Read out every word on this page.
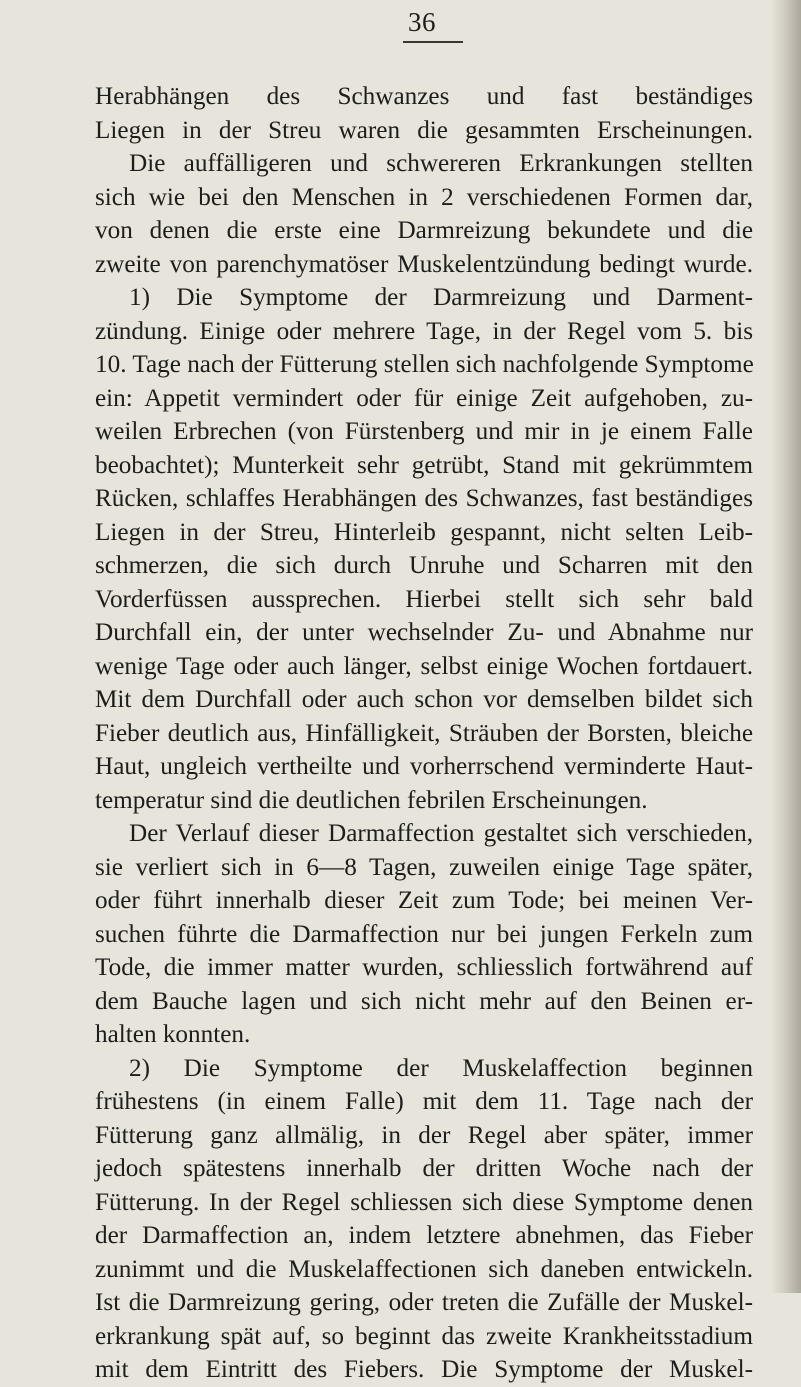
36
Herabhängen des Schwanzes und fast beständiges
Liegen in der Streu waren die gesammten Erscheinungen.
Die auffälligeren und schwereren Erkrankungen stellten
sich wie bei den Menschen in 2 verschiedenen Formen dar,
von denen die erste eine Darmreizung bekundete und die
zweite von parenchymatöser Muskelentzündung bedingt wurde.
1) Die Symptome der Darmreizung und Darment-
zündung. Einige oder mehrere Tage, in der Regel vom 5. bis
10. Tage nach der Fütterung stellen sich nachfolgende Symptome
ein: Appetit vermindert oder für einige Zeit aufgehoben, zu-
weilen Erbrechen (von Fürstenberg und mir in je einem Falle
beobachtet); Munterkeit sehr getrübt, Stand mit gekrümmtem
Rücken, schlaffes Herabhängen des Schwanzes, fast beständiges
Liegen in der Streu, Hinterleib gespannt, nicht selten Leib-
schmerzen, die sich durch Unruhe und Scharren mit den
Vorderfüssen aussprechen. Hierbei stellt sich sehr bald
Durchfall ein, der unter wechselnder Zu- und Abnahme nur
wenige Tage oder auch länger, selbst einige Wochen fortdauert.
Mit dem Durchfall oder auch schon vor demselben bildet sich
Fieber deutlich aus, Hinfälligkeit, Sträuben der Borsten, bleiche
Haut, ungleich vertheilte und vorherrschend verminderte Haut-
temperatur sind die deutlichen febrilen Erscheinungen.
Der Verlauf dieser Darmaffection gestaltet sich verschieden,
sie verliert sich in 6—8 Tagen, zuweilen einige Tage später,
oder führt innerhalb dieser Zeit zum Tode; bei meinen Ver-
suchen führte die Darmaffection nur bei jungen Ferkeln zum
Tode, die immer matter wurden, schliesslich fortwährend auf
dem Bauche lagen und sich nicht mehr auf den Beinen er-
halten konnten.
2) Die Symptome der Muskelaffection beginnen
frühestens (in einem Falle) mit dem 11. Tage nach der
Fütterung ganz allmälig, in der Regel aber später, immer
jedoch spätestens innerhalb der dritten Woche nach der
Fütterung. In der Regel schliessen sich diese Symptome denen
der Darmaffection an, indem letztere abnehmen, das Fieber
zunimmt und die Muskelaffectionen sich daneben entwickeln.
Ist die Darmreizung gering, oder treten die Zufälle der Muskel-
erkrankung spät auf, so beginnt das zweite Krankheitsstadium
mit dem Eintritt des Fiebers. Die Symptome der Muskel-
